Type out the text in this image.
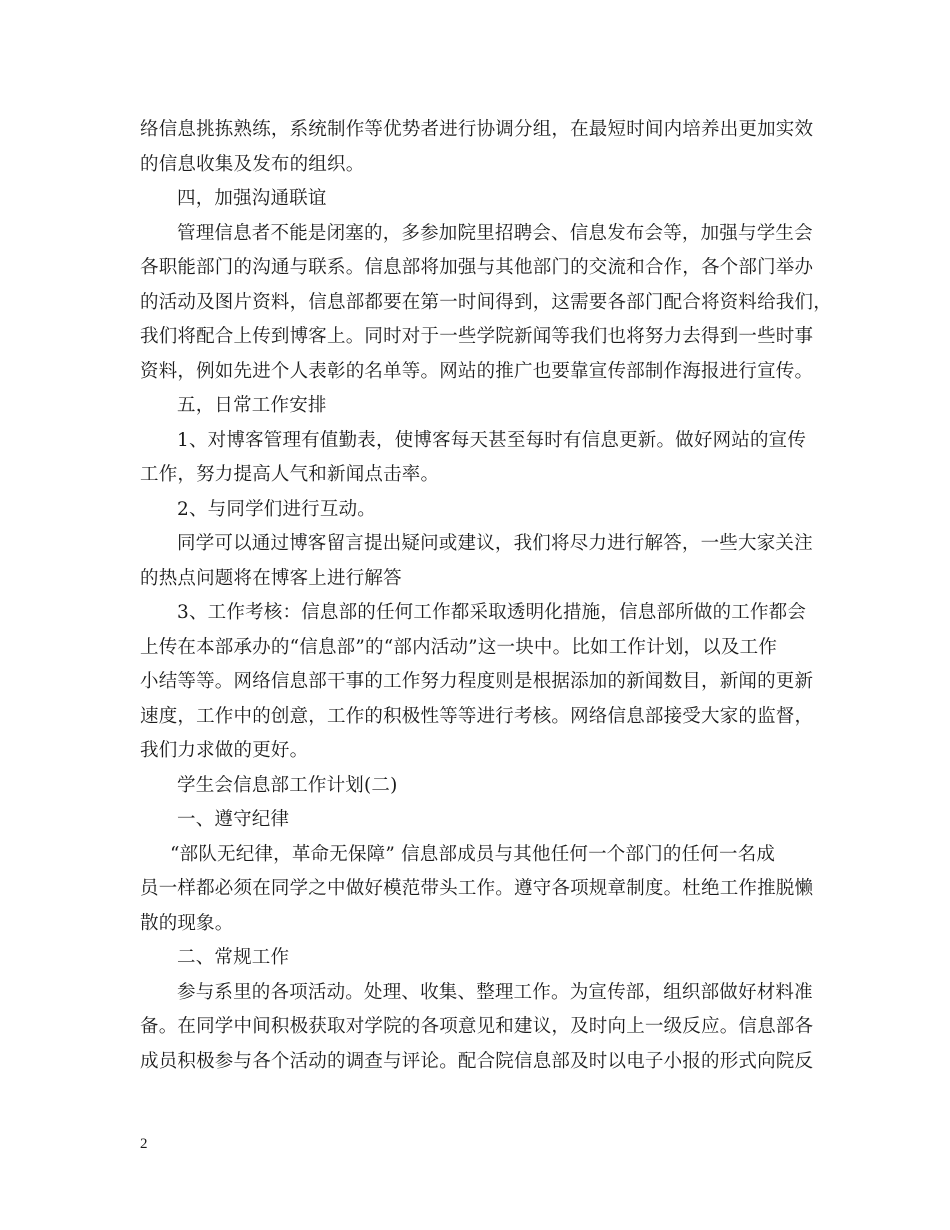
络信息挑拣熟练，系统制作等优势者进行协调分组，在最短时间内培养出更加实效
的信息收集及发布的组织。
四，加强沟通联谊
管理信息者不能是闭塞的，多参加院里招聘会、信息发布会等，加强与学生会
各职能部门的沟通与联系。信息部将加强与其他部门的交流和合作，各个部门举办
的活动及图片资料，信息部都要在第一时间得到，这需要各部门配合将资料给我们，
我们将配合上传到博客上。同时对于一些学院新闻等我们也将努力去得到一些时事
资料，例如先进个人表彰的名单等。网站的推广也要靠宣传部制作海报进行宣传。
五，日常工作安排
1、对博客管理有值勤表，使博客每天甚至每时有信息更新。做好网站的宣传
工作，努力提高人气和新闻点击率。
2、与同学们进行互动。
同学可以通过博客留言提出疑问或建议，我们将尽力进行解答，一些大家关注
的热点问题将在博客上进行解答
3、工作考核：信息部的任何工作都采取透明化措施，信息部所做的工作都会
上传在本部承办的“信息部”的“部内活动”这一块中。比如工作计划，以及工作
小结等等。网络信息部干事的工作努力程度则是根据添加的新闻数目，新闻的更新
速度，工作中的创意，工作的积极性等等进行考核。网络信息部接受大家的监督，
我们力求做的更好。
学生会信息部工作计划(二)
一、遵守纪律
“部队无纪律，革命无保障” 信息部成员与其他任何一个部门的任何一名成
员一样都必须在同学之中做好模范带头工作。遵守各项规章制度。杜绝工作推脱懒
散的现象。
二、常规工作
参与系里的各项活动。处理、收集、整理工作。为宣传部，组织部做好材料准
备。在同学中间积极获取对学院的各项意见和建议，及时向上一级反应。信息部各
成员积极参与各个活动的调查与评论。配合院信息部及时以电子小报的形式向院反
2
